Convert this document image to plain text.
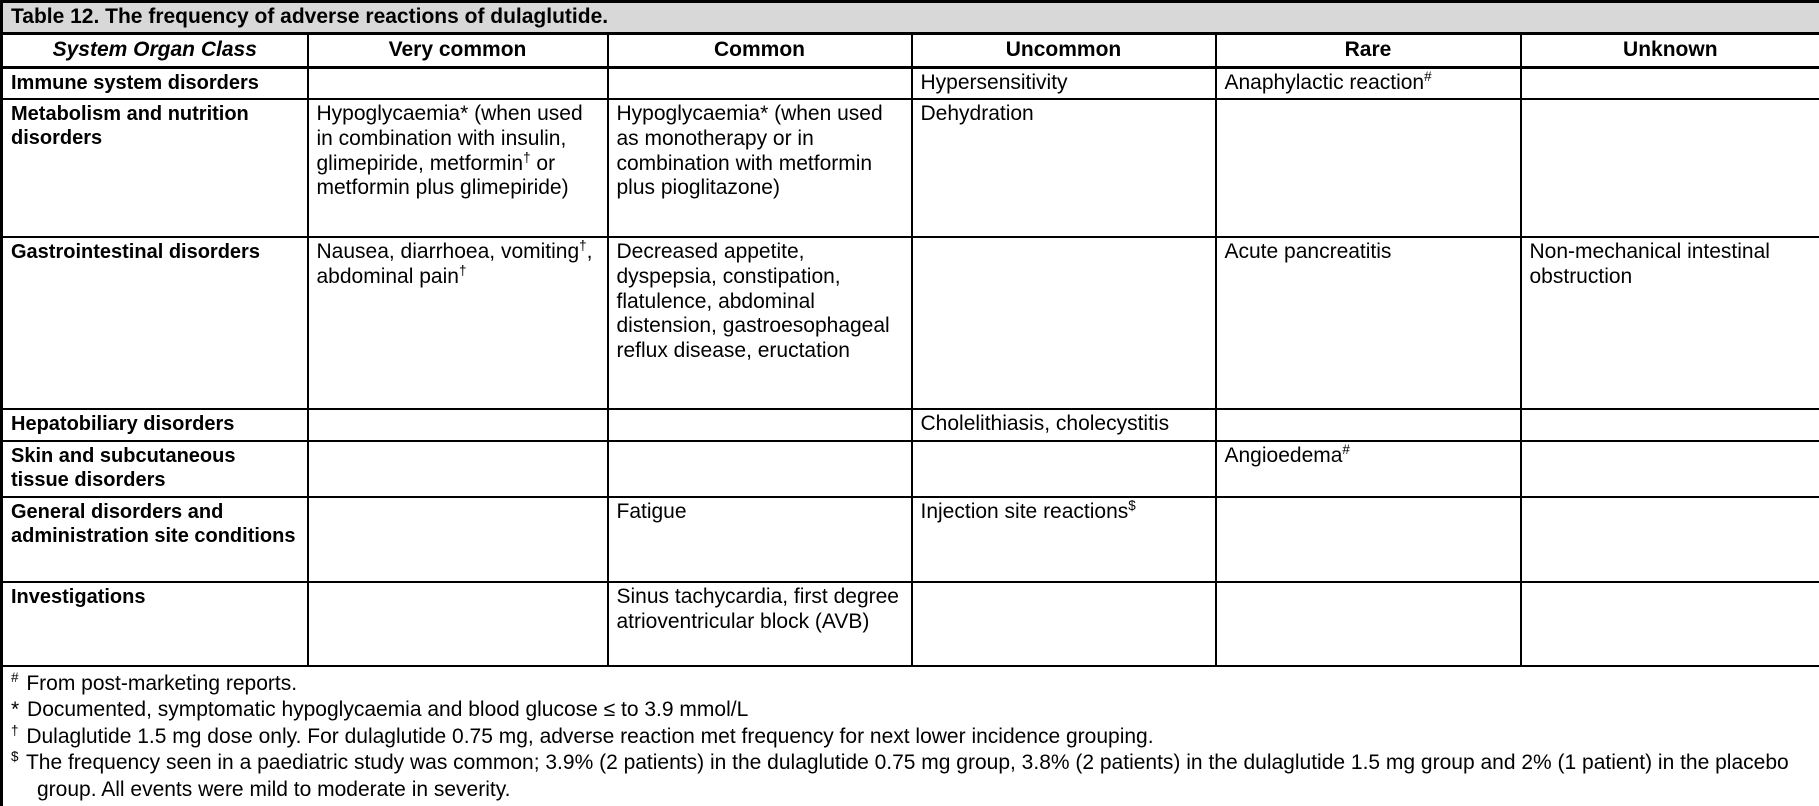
Table 12. The frequency of adverse reactions of dulaglutide.					
System Organ Class	Very common	Common	Uncommon	Rare	Unknown
Immune system disorders			Hypersensitivity	Anaphylactic reaction#	
Metabolism and nutrition disorders	Hypoglycaemia* (when used in combination with insulin, glimepiride, metformin† or metformin plus glimepiride)	Hypoglycaemia* (when used as monotherapy or in combination with metformin plus pioglitazone)	Dehydration		
Gastrointestinal disorders	Nausea, diarrhoea, vomiting†, abdominal pain†	Decreased appetite, dyspepsia, constipation, flatulence, abdominal distension, gastroesophageal reflux disease, eructation		Acute pancreatitis	Non-mechanical intestinal obstruction
Hepatobiliary disorders			Cholelithiasis, cholecystitis		
Skin and subcutaneous tissue disorders				Angioedema#	
General disorders and administration site conditions		Fatigue	Injection site reactions$		
Investigations		Sinus tachycardia, first degree atrioventricular block (AVB)			

# From post-marketing reports.
* Documented, symptomatic hypoglycaemia and blood glucose ≤ to 3.9 mmol/L
† Dulaglutide 1.5 mg dose only. For dulaglutide 0.75 mg, adverse reaction met frequency for next lower incidence grouping.
$ The frequency seen in a paediatric study was common; 3.9% (2 patients) in the dulaglutide 0.75 mg group, 3.8% (2 patients) in the dulaglutide 1.5 mg group and 2% (1 patient) in the placebo group. All events were mild to moderate in severity.					
